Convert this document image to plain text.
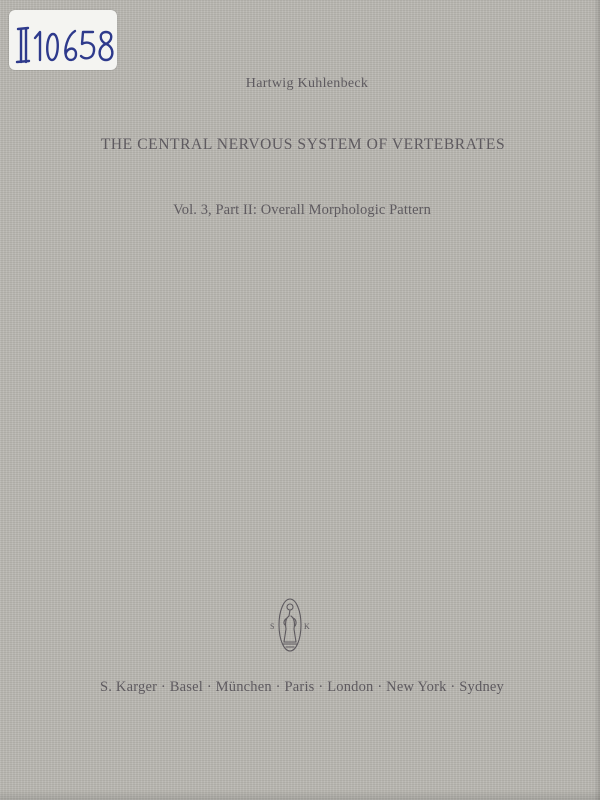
Hartwig Kuhlenbeck
THE CENTRAL NERVOUS SYSTEM OF VERTEBRATES
Vol. 3, Part II: Overall Morphologic Pattern
S	K
S. Karger · Basel · München · Paris · London · New York · Sydney
